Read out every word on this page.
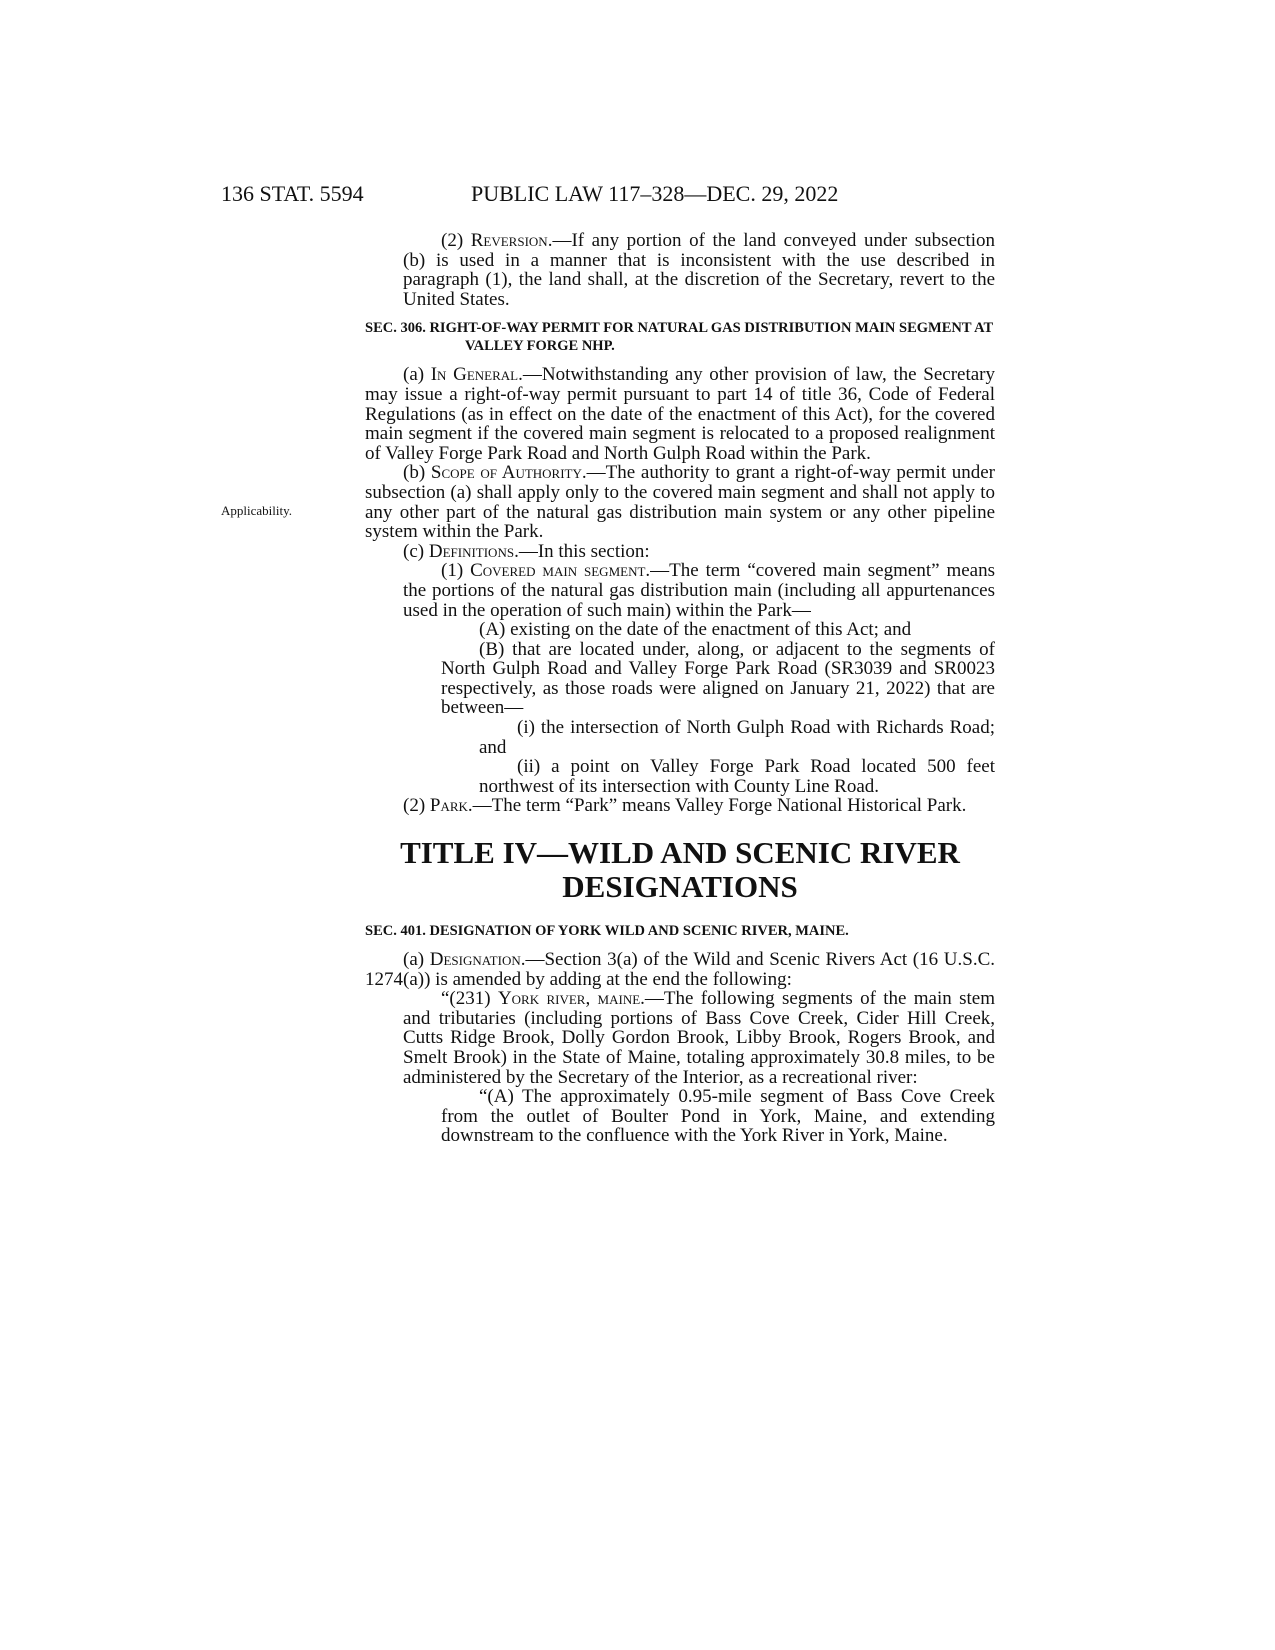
136 STAT. 5594	PUBLIC LAW 117–328—DEC. 29, 2022
Applicability.

(2) Reversion.—If any portion of the land conveyed under subsection (b) is used in a manner that is inconsistent with the use described in paragraph (1), the land shall, at the discretion of the Secretary, revert to the United States.

SEC. 306. RIGHT-OF-WAY PERMIT FOR NATURAL GAS DISTRIBUTION MAIN SEGMENT AT VALLEY FORGE NHP.

(a) In General.—Notwithstanding any other provision of law, the Secretary may issue a right-of-way permit pursuant to part 14 of title 36, Code of Federal Regulations (as in effect on the date of the enactment of this Act), for the covered main segment if the covered main segment is relocated to a proposed realignment of Valley Forge Park Road and North Gulph Road within the Park.

(b) Scope of Authority.—The authority to grant a right-of-way permit under subsection (a) shall apply only to the covered main segment and shall not apply to any other part of the natural gas distribution main system or any other pipeline system within the Park.

(c) Definitions.—In this section:

(1) Covered main segment.—The term “covered main segment” means the portions of the natural gas distribution main (including all appurtenances used in the operation of such main) within the Park—

(A) existing on the date of the enactment of this Act; and

(B) that are located under, along, or adjacent to the segments of North Gulph Road and Valley Forge Park Road (SR3039 and SR0023 respectively, as those roads were aligned on January 21, 2022) that are between—

(i) the intersection of North Gulph Road with Richards Road; and

(ii) a point on Valley Forge Park Road located 500 feet northwest of its intersection with County Line Road.

(2) Park.—The term “Park” means Valley Forge National Historical Park.

TITLE IV—WILD AND SCENIC RIVER
DESIGNATIONS
SEC. 401. DESIGNATION OF YORK WILD AND SCENIC RIVER, MAINE.

(a) Designation.—Section 3(a) of the Wild and Scenic Rivers Act (16 U.S.C. 1274(a)) is amended by adding at the end the following:

“(231) York river, maine.—The following segments of the main stem and tributaries (including portions of Bass Cove Creek, Cider Hill Creek, Cutts Ridge Brook, Dolly Gordon Brook, Libby Brook, Rogers Brook, and Smelt Brook) in the State of Maine, totaling approximately 30.8 miles, to be administered by the Secretary of the Interior, as a recreational river:

“(A) The approximately 0.95-mile segment of Bass Cove Creek from the outlet of Boulter Pond in York, Maine, and extending downstream to the confluence with the York River in York, Maine.
